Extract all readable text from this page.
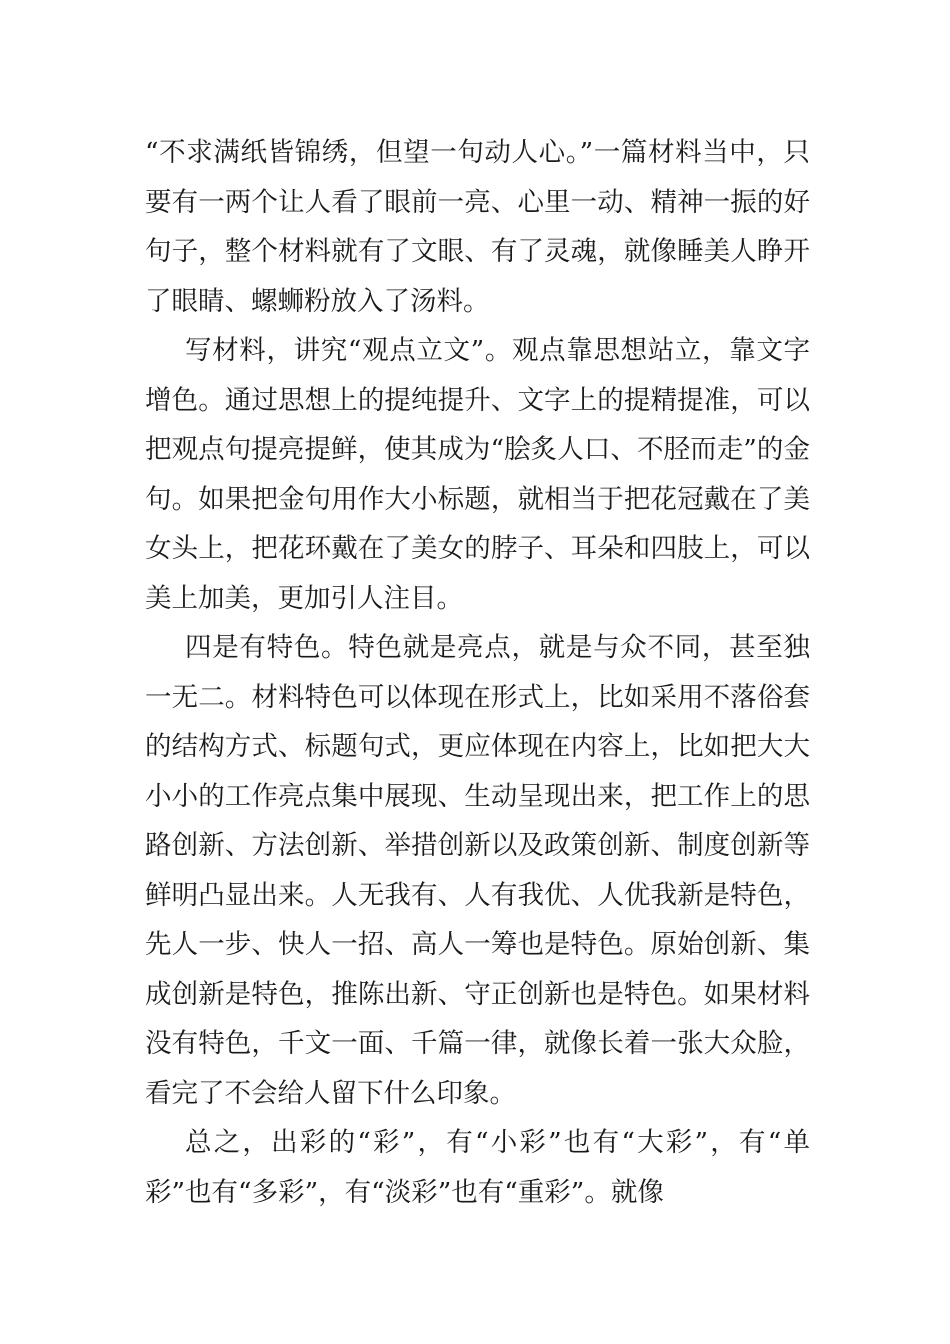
“不求满纸皆锦绣，但望一句动人心。”一篇材料当中，只要有一两个让人看了眼前一亮、心里一动、精神一振的好句子，整个材料就有了文眼、有了灵魂，就像睡美人睁开了眼睛、螺蛳粉放入了汤料。

写材料，讲究“观点立文”。观点靠思想站立，靠文字增色。通过思想上的提纯提升、文字上的提精提准，可以把观点句提亮提鲜，使其成为“脍炙人口、不胫而走”的金句。如果把金句用作大小标题，就相当于把花冠戴在了美女头上，把花环戴在了美女的脖子、耳朵和四肢上，可以美上加美，更加引人注目。

四是有特色。特色就是亮点，就是与众不同，甚至独一无二。材料特色可以体现在形式上，比如采用不落俗套的结构方式、标题句式，更应体现在内容上，比如把大大小小的工作亮点集中展现、生动呈现出来，把工作上的思路创新、方法创新、举措创新以及政策创新、制度创新等鲜明凸显出来。人无我有、人有我优、人优我新是特色，先人一步、快人一招、高人一筹也是特色。原始创新、集成创新是特色，推陈出新、守正创新也是特色。如果材料没有特色，千文一面、千篇一律，就像长着一张大众脸，看完了不会给人留下什么印象。

总之，出彩的“彩”，有“小彩”也有“大彩”，有“单彩”也有“多彩”，有“淡彩”也有“重彩”。就像
